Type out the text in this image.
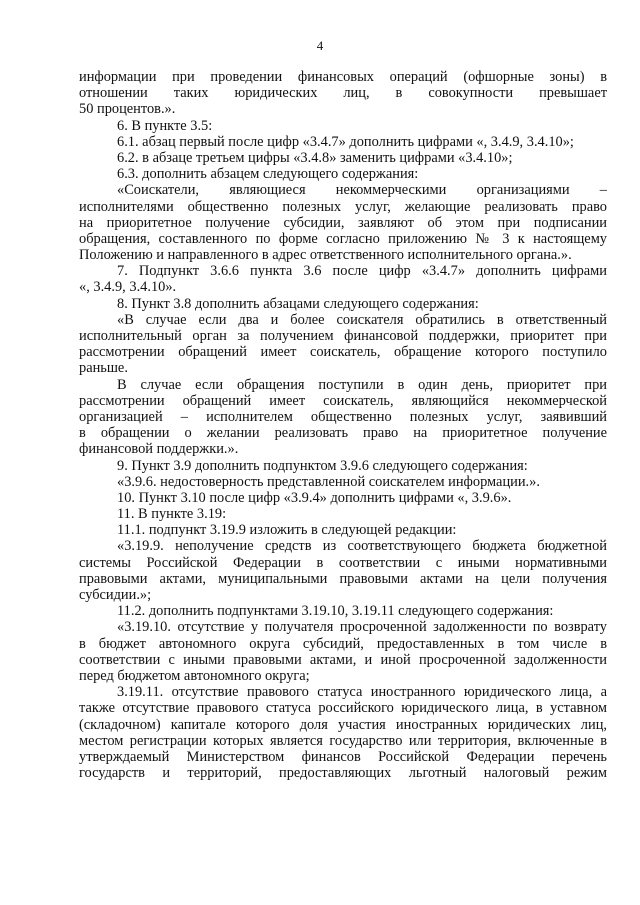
4
информации при проведении финансовых операций (офшорные зоны) в
отношении таких юридических лиц, в совокупности превышает
50 процентов.».
6. В пункте 3.5:
6.1. абзац первый после цифр «3.4.7» дополнить цифрами «, 3.4.9, 3.4.10»;
6.2. в абзаце третьем цифры «3.4.8» заменить цифрами «3.4.10»;
6.3. дополнить абзацем следующего содержания:
«Соискатели, являющиеся некоммерческими организациями –
исполнителями общественно полезных услуг, желающие реализовать право
на приоритетное получение субсидии, заявляют об этом при подписании
обращения, составленного по форме согласно приложению № 3 к настоящему
Положению и направленного в адрес ответственного исполнительного органа.».
7. Подпункт 3.6.6 пункта 3.6 после цифр «3.4.7» дополнить цифрами
«, 3.4.9, 3.4.10».
8. Пункт 3.8 дополнить абзацами следующего содержания:
«В случае если два и более соискателя обратились в ответственный
исполнительный орган за получением финансовой поддержки, приоритет при
рассмотрении обращений имеет соискатель, обращение которого поступило
раньше.
В случае если обращения поступили в один день, приоритет при
рассмотрении обращений имеет соискатель, являющийся некоммерческой
организацией – исполнителем общественно полезных услуг, заявивший
в обращении о желании реализовать право на приоритетное получение
финансовой поддержки.».
9. Пункт 3.9 дополнить подпунктом 3.9.6 следующего содержания:
«3.9.6. недостоверность представленной соискателем информации.».
10. Пункт 3.10 после цифр «3.9.4» дополнить цифрами «, 3.9.6».
11. В пункте 3.19:
11.1. подпункт 3.19.9 изложить в следующей редакции:
«3.19.9. неполучение средств из соответствующего бюджета бюджетной
системы Российской Федерации в соответствии с иными нормативными
правовыми актами, муниципальными правовыми актами на цели получения
субсидии.»;
11.2. дополнить подпунктами 3.19.10, 3.19.11 следующего содержания:
«3.19.10. отсутствие у получателя просроченной задолженности по возврату
в бюджет автономного округа субсидий, предоставленных в том числе в
соответствии с иными правовыми актами, и иной просроченной задолженности
перед бюджетом автономного округа;
3.19.11. отсутствие правового статуса иностранного юридического лица, а
также отсутствие правового статуса российского юридического лица, в уставном
(складочном) капитале которого доля участия иностранных юридических лиц,
местом регистрации которых является государство или территория, включенные в
утверждаемый Министерством финансов Российской Федерации перечень
государств и территорий, предоставляющих льготный налоговый режим
